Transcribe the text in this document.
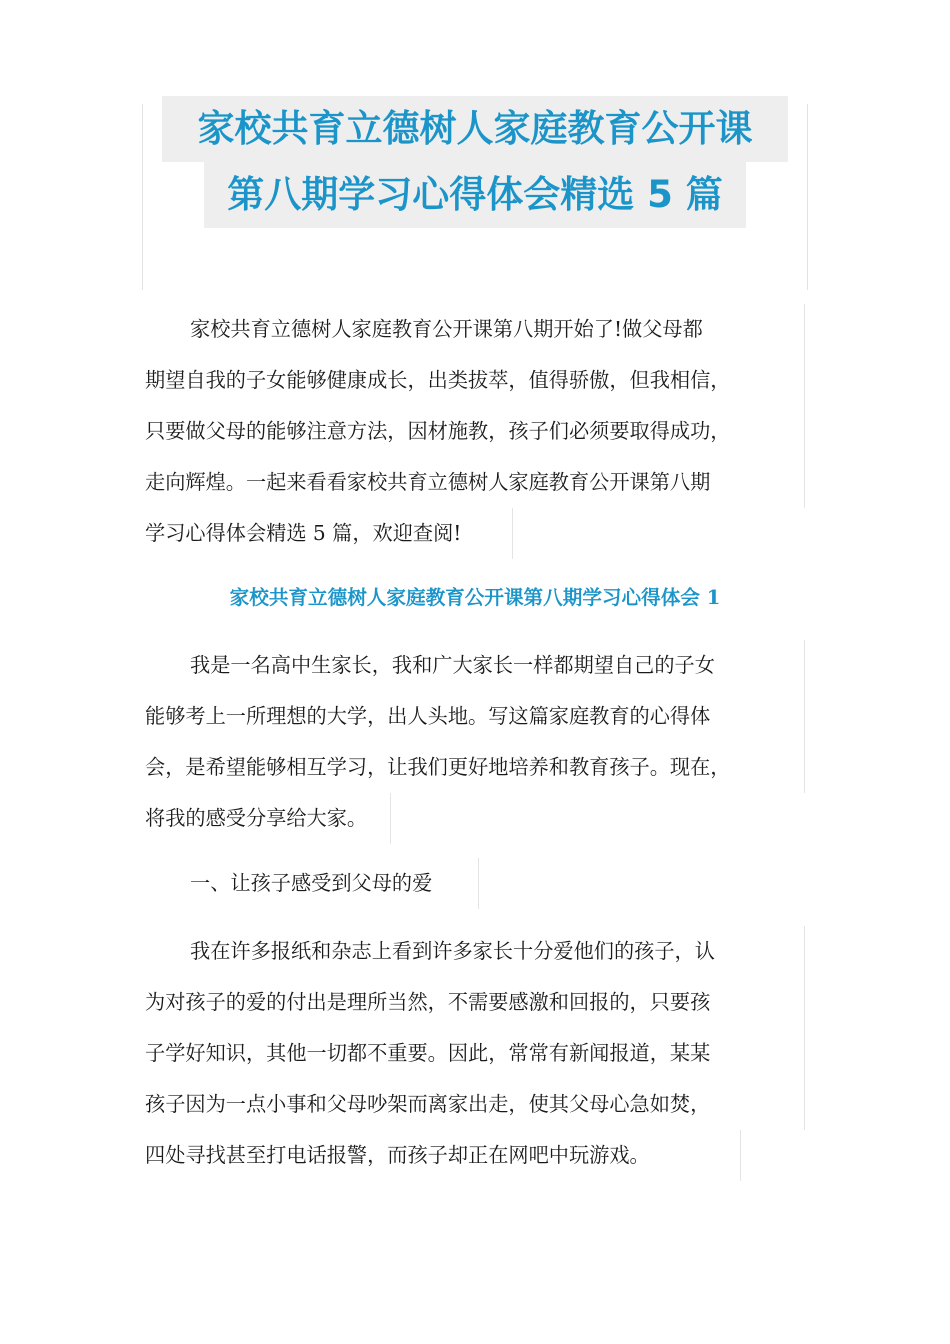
家校共育立德树人家庭教育公开课
第八期学习心得体会精选 5 篇
家校共育立德树人家庭教育公开课第八期开始了!做父母都
期望自我的子女能够健康成长，出类拔萃，值得骄傲，但我相信，
只要做父母的能够注意方法，因材施教，孩子们必须要取得成功，
走向辉煌。一起来看看家校共育立德树人家庭教育公开课第八期
学习心得体会精选 5 篇，欢迎查阅!
家校共育立德树人家庭教育公开课第八期学习心得体会 1
我是一名高中生家长，我和广大家长一样都期望自己的子女
能够考上一所理想的大学，出人头地。写这篇家庭教育的心得体
会，是希望能够相互学习，让我们更好地培养和教育孩子。现在，
将我的感受分享给大家。
一、让孩子感受到父母的爱
我在许多报纸和杂志上看到许多家长十分爱他们的孩子，认
为对孩子的爱的付出是理所当然，不需要感激和回报的，只要孩
子学好知识，其他一切都不重要。因此，常常有新闻报道，某某
孩子因为一点小事和父母吵架而离家出走，使其父母心急如焚，
四处寻找甚至打电话报警，而孩子却正在网吧中玩游戏。
